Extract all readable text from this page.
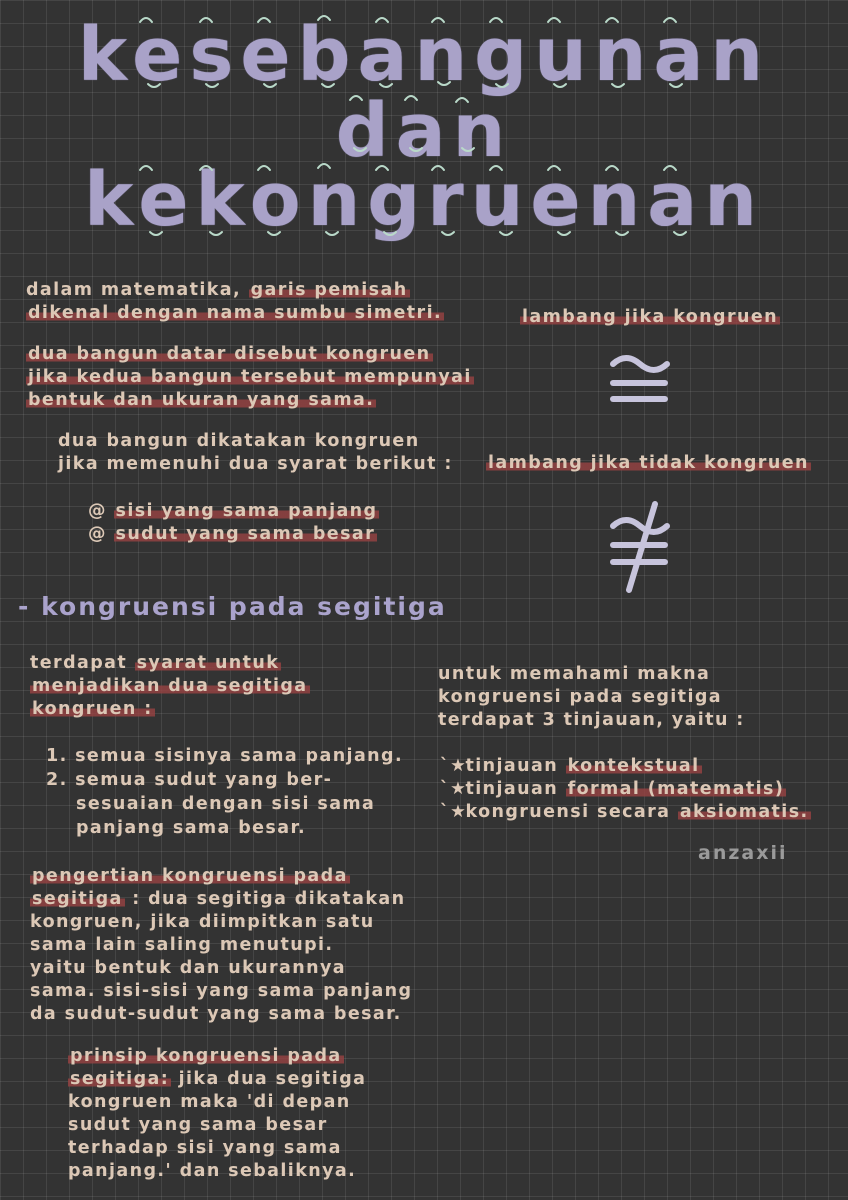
kesebangunan
dan
kekongruenan

dalam matematika, garis pemisah

dikenal dengan nama sumbu simetri.

dua bangun datar disebut kongruen

jika kedua bangun tersebut mempunyai

bentuk dan ukuran yang sama.

dua bangun dikatakan kongruen

jika memenuhi dua syarat berikut :

@ sisi yang sama panjang

@ sudut yang sama besar

lambang jika kongruen

lambang jika tidak kongruen

- kongruensi pada segitiga

terdapat syarat untuk

menjadikan dua segitiga

kongruen :

1. semua sisinya sama panjang.

2. semua sudut yang ber-

sesuaian dengan sisi sama

panjang sama besar.

untuk memahami makna

kongruensi pada segitiga

terdapat 3 tinjauan, yaitu :

`★ tinjauan kontekstual

`★ tinjauan formal (matematis)

`★ kongruensi secara aksiomatis.

anzaxii

pengertian kongruensi pada

segitiga : dua segitiga dikatakan

kongruen, jika diimpitkan satu

sama lain saling menutupi.

yaitu bentuk dan ukurannya

sama. sisi-sisi yang sama panjang

da sudut-sudut yang sama besar.

prinsip kongruensi pada

segitiga: jika dua segitiga

kongruen maka 'di depan

sudut yang sama besar

terhadap sisi yang sama

panjang.' dan sebaliknya.
